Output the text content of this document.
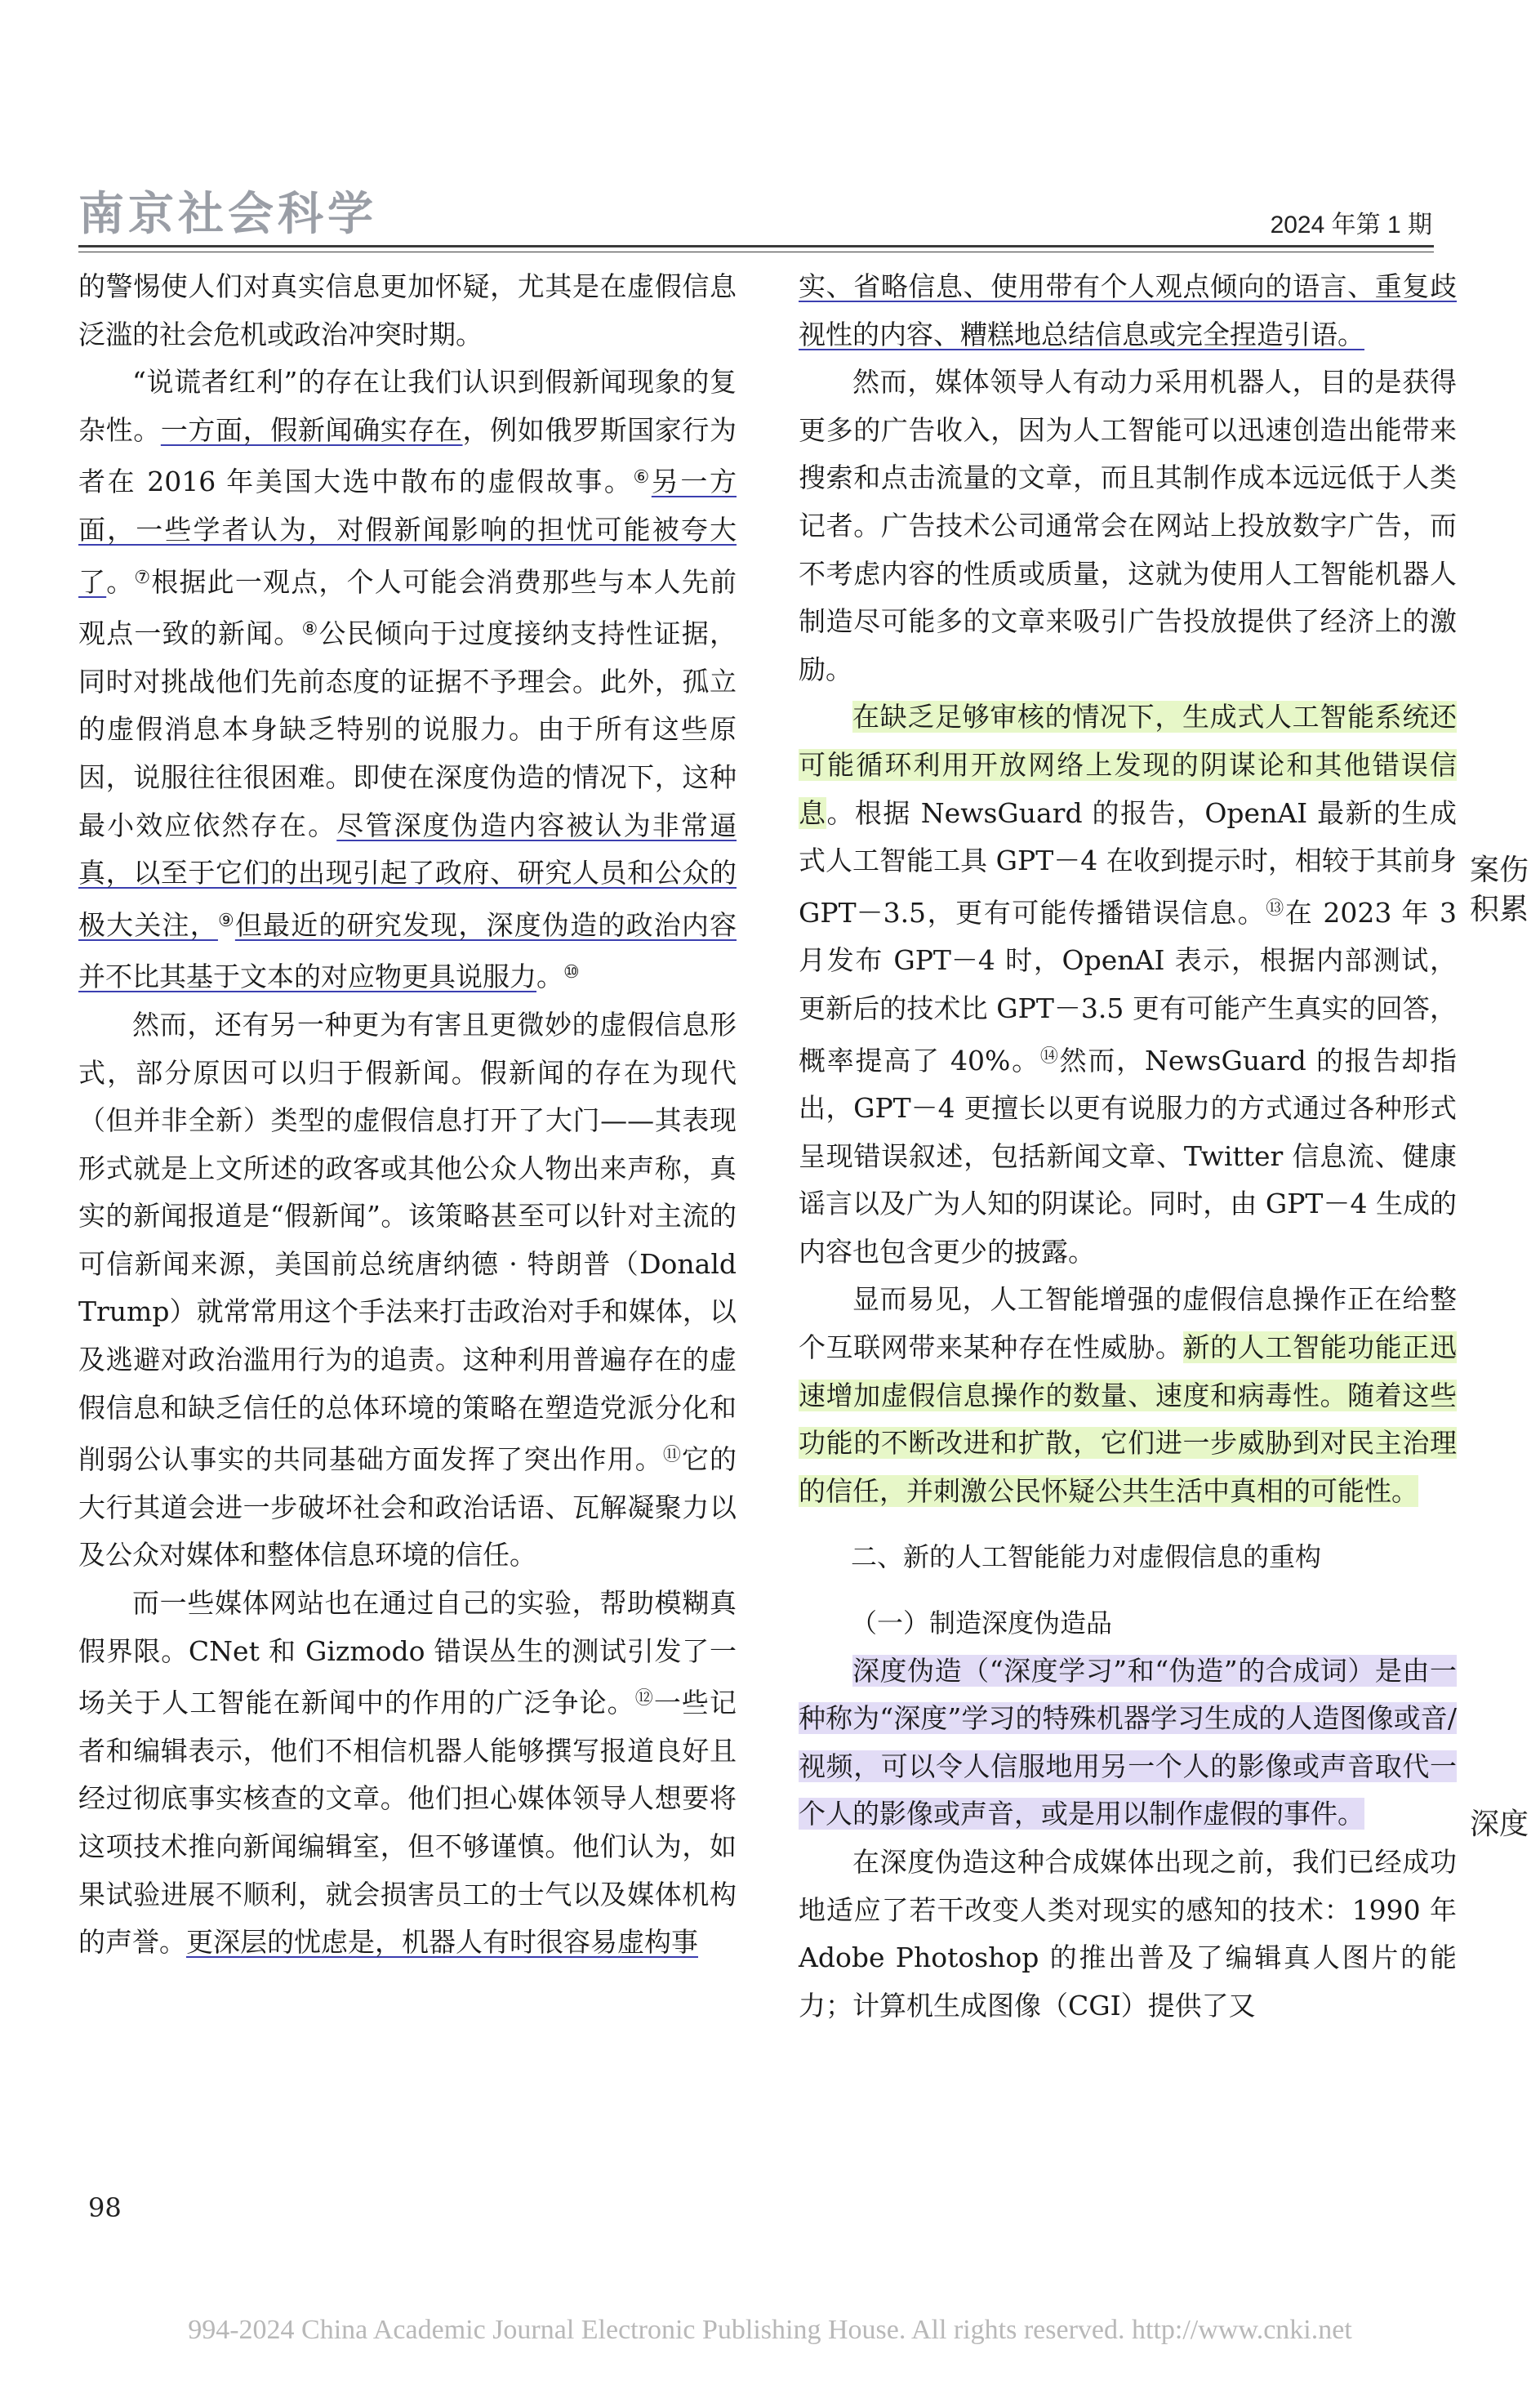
南京社会科学	2024 年第 1 期

的警惕使人们对真实信息更加怀疑，尤其是在虚假信息泛滥的社会危机或政治冲突时期。

“说谎者红利”的存在让我们认识到假新闻现象的复杂性。一方面，假新闻确实存在，例如俄罗斯国家行为者在 2016 年美国大选中散布的虚假故事。⑥另一方面，一些学者认为，对假新闻影响的担忧可能被夸大了。⑦根据此一观点，个人可能会消费那些与本人先前观点一致的新闻。⑧公民倾向于过度接纳支持性证据，同时对挑战他们先前态度的证据不予理会。此外，孤立的虚假消息本身缺乏特别的说服力。由于所有这些原因，说服往往很困难。即使在深度伪造的情况下，这种最小效应依然存在。尽管深度伪造内容被认为非常逼真，以至于它们的出现引起了政府、研究人员和公众的极大关注，⑨但最近的研究发现，深度伪造的政治内容并不比其基于文本的对应物更具说服力。⑩

然而，还有另一种更为有害且更微妙的虚假信息形式，部分原因可以归于假新闻。假新闻的存在为现代（但并非全新）类型的虚假信息打开了大门——其表现形式就是上文所述的政客或其他公众人物出来声称，真实的新闻报道是“假新闻”。该策略甚至可以针对主流的可信新闻来源，美国前总统唐纳德 · 特朗普（Donald Trump）就常常用这个手法来打击政治对手和媒体，以及逃避对政治滥用行为的追责。这种利用普遍存在的虚假信息和缺乏信任的总体环境的策略在塑造党派分化和削弱公认事实的共同基础方面发挥了突出作用。⑪它的大行其道会进一步破坏社会和政治话语、瓦解凝聚力以及公众对媒体和整体信息环境的信任。

而一些媒体网站也在通过自己的实验，帮助模糊真假界限。CNet 和 Gizmodo 错误丛生的测试引发了一场关于人工智能在新闻中的作用的广泛争论。⑫一些记者和编辑表示，他们不相信机器人能够撰写报道良好且经过彻底事实核查的文章。他们担心媒体领导人想要将这项技术推向新闻编辑室，但不够谨慎。他们认为，如果试验进展不顺利，就会损害员工的士气以及媒体机构的声誉。更深层的忧虑是，机器人有时很容易虚构事

实、省略信息、使用带有个人观点倾向的语言、重复歧视性的内容、糟糕地总结信息或完全捏造引语。

然而，媒体领导人有动力采用机器人，目的是获得更多的广告收入，因为人工智能可以迅速创造出能带来搜索和点击流量的文章，而且其制作成本远远低于人类记者。广告技术公司通常会在网站上投放数字广告，而不考虑内容的性质或质量，这就为使用人工智能机器人制造尽可能多的文章来吸引广告投放提供了经济上的激励。

在缺乏足够审核的情况下，生成式人工智能系统还可能循环利用开放网络上发现的阴谋论和其他错误信息。根据 NewsGuard 的报告，OpenAI 最新的生成式人工智能工具 GPT－4 在收到提示时，相较于其前身 GPT－3.5，更有可能传播错误信息。⑬在 2023 年 3 月发布 GPT－4 时，OpenAI 表示，根据内部测试，更新后的技术比 GPT－3.5 更有可能产生真实的回答，概率提高了 40%。⑭然而，NewsGuard 的报告却指出，GPT－4 更擅长以更有说服力的方式通过各种形式呈现错误叙述，包括新闻文章、Twitter 信息流、健康谣言以及广为人知的阴谋论。同时，由 GPT－4 生成的内容也包含更少的披露。

显而易见，人工智能增强的虚假信息操作正在给整个互联网带来某种存在性威胁。新的人工智能功能正迅速增加虚假信息操作的数量、速度和病毒性。随着这些功能的不断改进和扩散，它们进一步威胁到对民主治理的信任，并刺激公民怀疑公共生活中真相的可能性。

二、新的人工智能能力对虚假信息的重构

（一）制造深度伪造品

深度伪造（“深度学习”和“伪造”的合成词）是由一种称为“深度”学习的特殊机器学习生成的人造图像或音/视频，可以令人信服地用另一个人的影像或声音取代一个人的影像或声音，或是用以制作虚假的事件。

在深度伪造这种合成媒体出现之前，我们已经成功地适应了若干改变人类对现实的感知的技术：1990 年 Adobe Photoshop 的推出普及了编辑真人图片的能力；计算机生成图像（CGI）提供了又

案伤
积累
深度
98
994-2024 China Academic Journal Electronic Publishing House. All rights reserved. http://www.cnki.net
